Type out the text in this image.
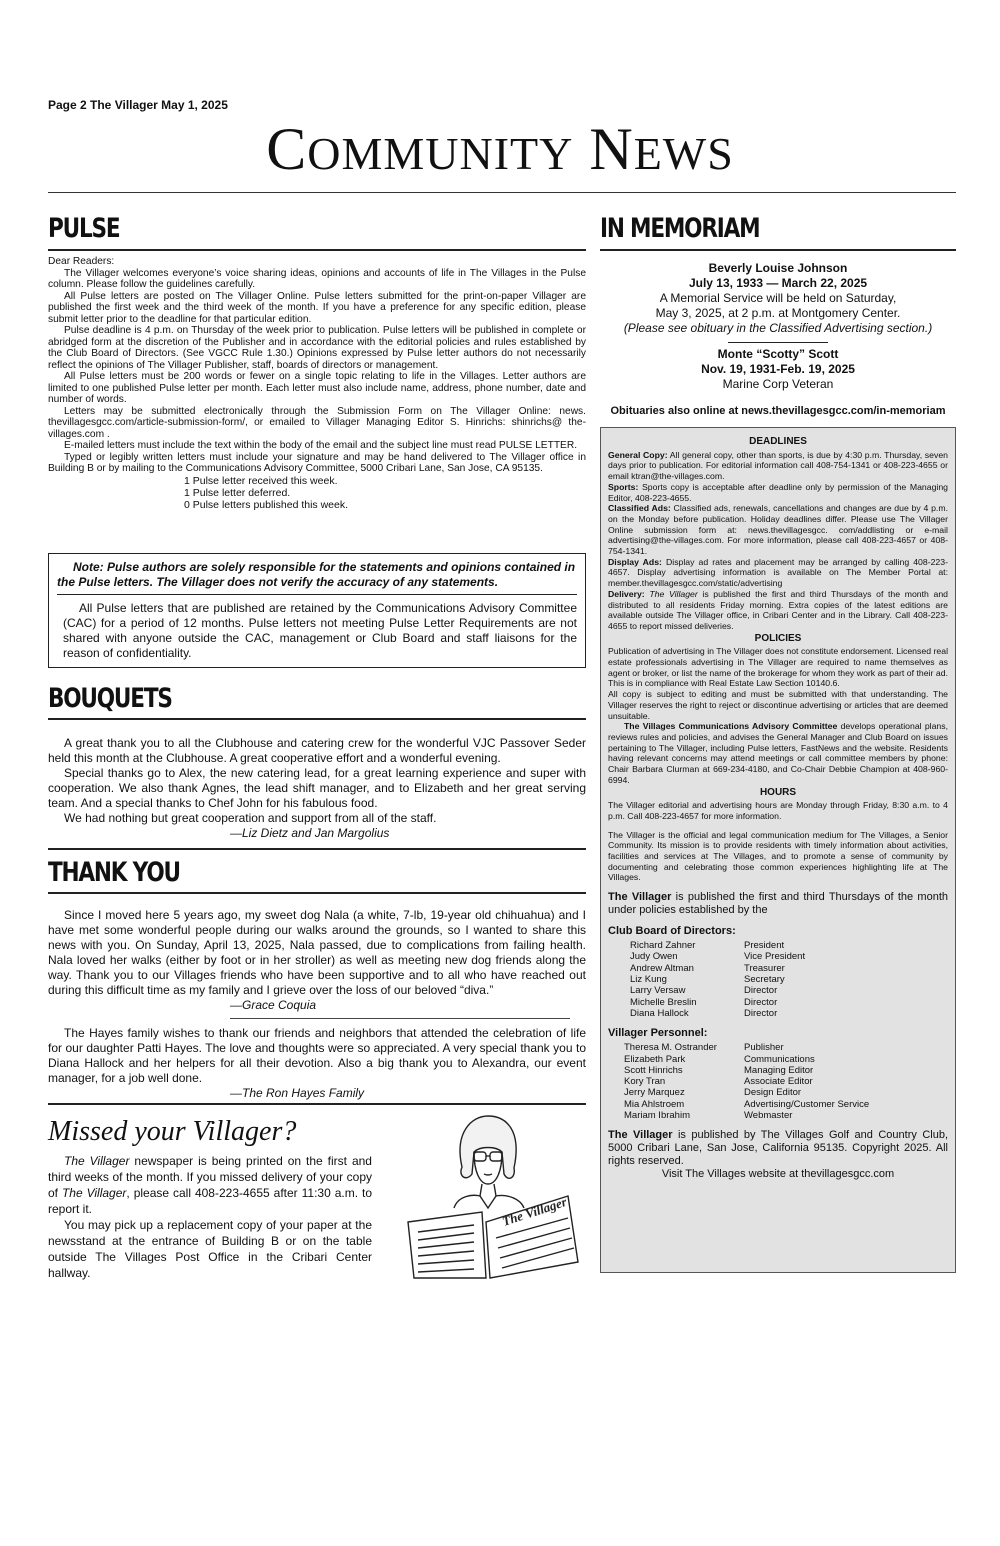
Page 2 The Villager May 1, 2025
COMMUNITY NEWS
PULSE
Dear Readers:

The Villager welcomes everyone’s voice sharing ideas, opinions and accounts of life in The Villages in the Pulse column. Please follow the guidelines carefully.

All Pulse letters are posted on The Villager Online. Pulse letters submitted for the print-on-paper Villager are published the first week and the third week of the month. If you have a preference for any specific edition, please submit letter prior to the deadline for that particular edition.

Pulse deadline is 4 p.m. on Thursday of the week prior to publication. Pulse letters will be published in complete or abridged form at the discretion of the Publisher and in accordance with the editorial policies and rules established by the Club Board of Directors. (See VGCC Rule 1.30.) Opinions expressed by Pulse letter authors do not necessarily reflect the opinions of The Villager Publisher, staff, boards of directors or management.

All Pulse letters must be 200 words or fewer on a single topic relating to life in the Villages. Letter authors are limited to one published Pulse letter per month. Each letter must also include name, address, phone number, date and number of words.

Letters may be submitted electronically through the Submission Form on The Villager Online: news. thevillagesgcc.com/article-submission-form/, or emailed to Villager Managing Editor S. Hinrichs: shinrichs@ the-villages.com .

E-mailed letters must include the text within the body of the email and the subject line must read PULSE LETTER.

Typed or legibly written letters must include your signature and may be hand delivered to The Villager office in Building B or by mailing to the Communications Advisory Committee, 5000 Cribari Lane, San Jose, CA 95135.

1 Pulse letter received this week.
1 Pulse letter deferred.
0 Pulse letters published this week.

Note: Pulse authors are solely responsible for the statements and opinions contained in the Pulse letters. The Villager does not verify the accuracy of any statements.

All Pulse letters that are published are retained by the Communications Advisory Committee (CAC) for a period of 12 months. Pulse letters not meeting Pulse Letter Requirements are not shared with anyone outside the CAC, management or Club Board and staff liaisons for the reason of confidentiality.

BOUQUETS

A great thank you to all the Clubhouse and catering crew for the wonderful VJC Passover Seder held this month at the Clubhouse. A great cooperative effort and a wonderful evening.

Special thanks go to Alex, the new catering lead, for a great learning experience and super with cooperation. We also thank Agnes, the lead shift manager, and to Elizabeth and her great serving team. And a special thanks to Chef John for his fabulous food.

We had nothing but great cooperation and support from all of the staff.

—Liz Dietz and Jan Margolius

THANK YOU

Since I moved here 5 years ago, my sweet dog Nala (a white, 7-lb, 19-year old chihuahua) and I have met some wonderful people during our walks around the grounds, so I wanted to share this news with you. On Sunday, April 13, 2025, Nala passed, due to complications from failing health. Nala loved her walks (either by foot or in her stroller) as well as meeting new dog friends along the way. Thank you to our Villages friends who have been supportive and to all who have reached out during this difficult time as my family and I grieve over the loss of our beloved “diva.”

—Grace Coquia

The Hayes family wishes to thank our friends and neighbors that attended the celebration of life for our daughter Patti Hayes. The love and thoughts were so appreciated. A very special thank you to Diana Hallock and her helpers for all their devotion. Also a big thank you to Alexandra, our event manager, for a job well done.

—The Ron Hayes Family

Missed your Villager?

The Villager newspaper is being printed on the first and third weeks of the month. If you missed delivery of your copy of The Villager, please call 408-223-4655 after 11:30 a.m. to report it.

You may pick up a replacement copy of your paper at the newsstand at the entrance of Building B or on the table outside The Villages Post Office in the Cribari Center hallway.

The Villager
IN MEMORIAM
Beverly Louise Johnson
July 13, 1933 — March 22, 2025
A Memorial Service will be held on Saturday,
May 3, 2025, at 2 p.m. at Montgomery Center.
(Please see obituary in the Classified Advertising section.)
Monte “Scotty” Scott
Nov. 19, 1931-Feb. 19, 2025
Marine Corp Veteran
Obituaries also online at news.thevillagesgcc.com/in-memoriam
DEADLINES

General Copy: All general copy, other than sports, is due by 4:30 p.m. Thursday, seven days prior to publication. For editorial information call 408-754-1341 or 408-223-4655 or email ktran@the-villages.com.

Sports: Sports copy is acceptable after deadline only by permission of the Managing Editor, 408-223-4655.

Classified Ads: Classified ads, renewals, cancellations and changes are due by 4 p.m. on the Monday before publication. Holiday deadlines differ. Please use The Villager Online submission form at: news.thevillagesgcc. com/addlisting or e-mail advertising@the-villages.com. For more information, please call 408-223-4657 or 408-754-1341.

Display Ads: Display ad rates and placement may be arranged by calling 408-223-4657. Display advertising information is available on The Member Portal at: member.thevillagesgcc.com/static/advertising

Delivery: The Villager is published the first and third Thursdays of the month and distributed to all residents Friday morning. Extra copies of the latest editions are available outside The Villager office, in Cribari Center and in the Library. Call 408-223-4655 to report missed deliveries.

POLICIES

Publication of advertising in The Villager does not constitute endorsement. Licensed real estate professionals advertising in The Villager are required to name themselves as agent or broker, or list the name of the brokerage for whom they work as part of their ad. This is in compliance with Real Estate Law Section 10140.6.

All copy is subject to editing and must be submitted with that understanding. The Villager reserves the right to reject or discontinue advertising or articles that are deemed unsuitable.

The Villages Communications Advisory Committee develops operational plans, reviews rules and policies, and advises the General Manager and Club Board on issues pertaining to The Villager, including Pulse letters, FastNews and the website. Residents having relevant concerns may attend meetings or call committee members by phone: Chair Barbara Clurman at 669-234-4180, and Co-Chair Debbie Champion at 408-960-6994.

HOURS

The Villager editorial and advertising hours are Monday through Friday, 8:30 a.m. to 4 p.m. Call 408-223-4657 for more information.

The Villager is the official and legal communication medium for The Villages, a Senior Community. Its mission is to provide residents with timely information about activities, facilities and services at The Villages, and to promote a sense of community by documenting and celebrating those common experiences highlighting life at The Villages.

The Villager is published the first and third Thursdays of the month under policies established by the

Club Board of Directors:
Richard Zahner	President
Judy Owen	Vice President
Andrew Altman	Treasurer
Liz Kung	Secretary
Larry Versaw	Director
Michelle Breslin	Director
Diana Hallock	Director
Villager Personnel:
Theresa M. Ostrander	Publisher
Elizabeth Park	Communications
Scott Hinrichs	Managing Editor
Kory Tran	Associate Editor
Jerry Marquez	Design Editor
Mia Ahlstroem	Advertising/Customer Service
Mariam Ibrahim	Webmaster

The Villager is published by The Villages Golf and Country Club, 5000 Cribari Lane, San Jose, California 95135. Copyright 2025. All rights reserved.

Visit The Villages website at thevillagesgcc.com
